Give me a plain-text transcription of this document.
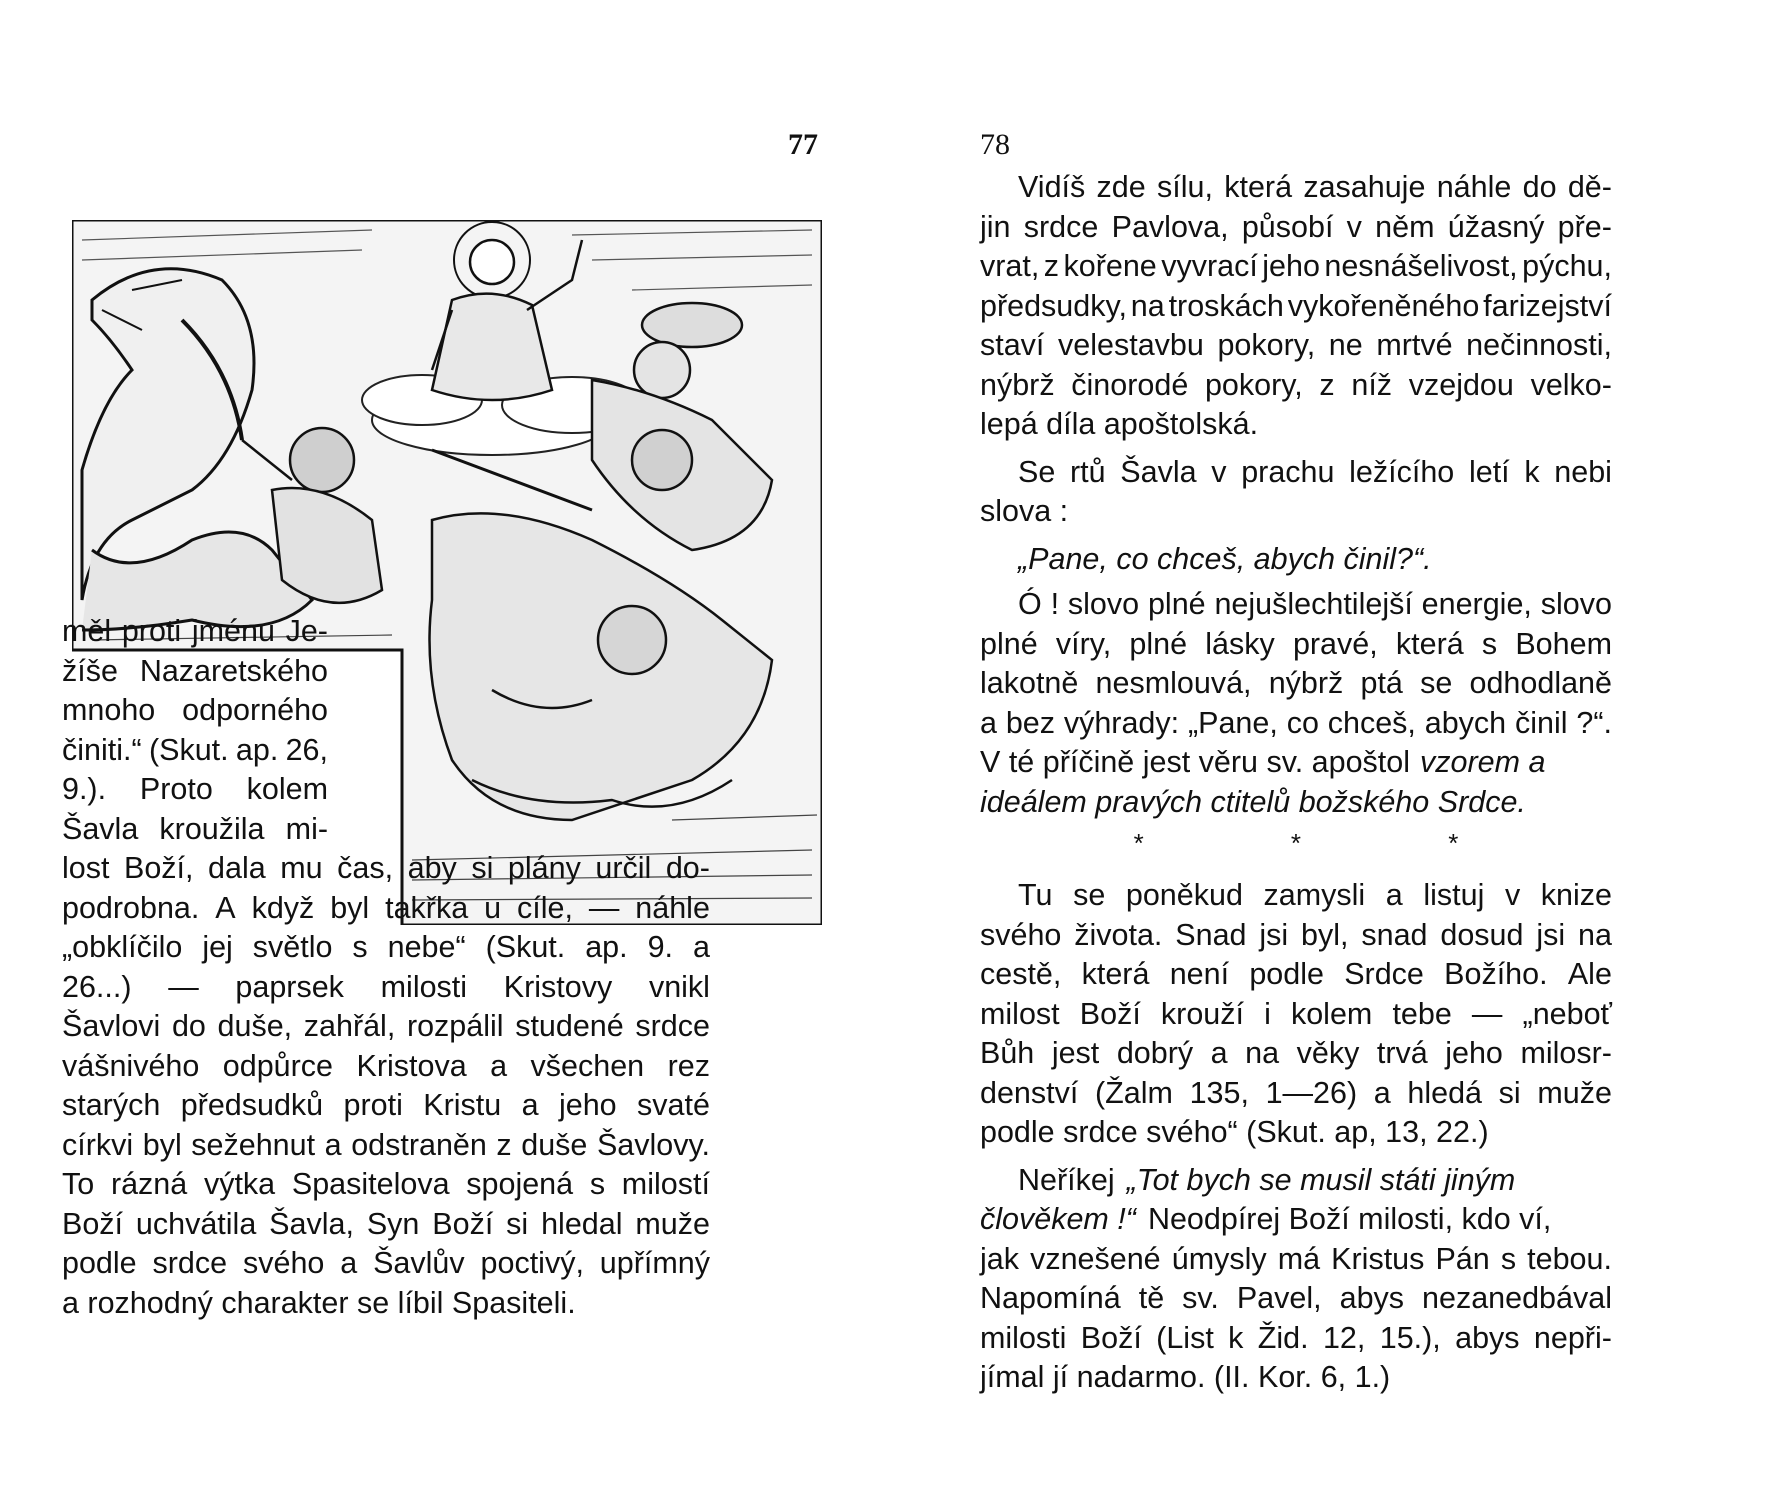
77
měl proti jménu Je-
žíše Nazaretského
mnoho odporného
činiti.“ (Skut. ap. 26,
9.). Proto kolem
Šavla kroužila mi-
lost Boží, dala mu čas, aby si plány určil do-
podrobna. A když byl takřka u cíle, — náhle
„obklíčilo jej světlo s nebe“ (Skut. ap. 9. a
26...) — paprsek milosti Kristovy vnikl
Šavlovi do duše, zahřál, rozpálil studené srdce
vášnivého odpůrce Kristova a všechen rez
starých předsudků proti Kristu a jeho svaté
církvi byl sežehnut a odstraněn z duše Šavlovy.
To rázná výtka Spasitelova spojená s milostí
Boží uchvátila Šavla, Syn Boží si hledal muže
podle srdce svého a Šavlův poctivý, upřímný
a rozhodný charakter se líbil Spasiteli.
78
Vidíš zde sílu, která zasahuje náhle do dě-
jin srdce Pavlova, působí v něm úžasný pře-
vrat, z kořene vyvrací jeho nesnášelivost, pýchu,
předsudky, na troskách vykořeněného farizejství
staví velestavbu pokory, ne mrtvé nečinnosti,
nýbrž činorodé pokory, z níž vzejdou velko-
lepá díla apoštolská.
Se rtů Šavla v prachu ležícího letí k nebi
slova :
„Pane, co chceš, abych činil?“.
Ó ! slovo plné nejušlechtilejší energie, slovo
plné víry, plné lásky pravé, která s Bohem
lakotně nesmlouvá, nýbrž ptá se odhodlaně
a bez výhrady: „Pane, co chceš, abych činil ?“.
V té příčině jest věru sv. apoštol vzorem a
ideálem pravých ctitelů božského Srdce.
* * *
Tu se poněkud zamysli a listuj v knize
svého života. Snad jsi byl, snad dosud jsi na
cestě, která není podle Srdce Božího. Ale
milost Boží krouží i kolem tebe — „neboť
Bůh jest dobrý a na věky trvá jeho milosr-
denství (Žalm 135, 1—26) a hledá si muže
podle srdce svého“ (Skut. ap, 13, 22.)
Neříkej „Tot bych se musil státi jiným
člověkem !“ Neodpírej Boží milosti, kdo ví,
jak vznešené úmysly má Kristus Pán s tebou.
Napomíná tě sv. Pavel, abys nezanedbával
milosti Boží (List k Žid. 12, 15.), abys nepři-
jímal jí nadarmo. (II. Kor. 6, 1.)
